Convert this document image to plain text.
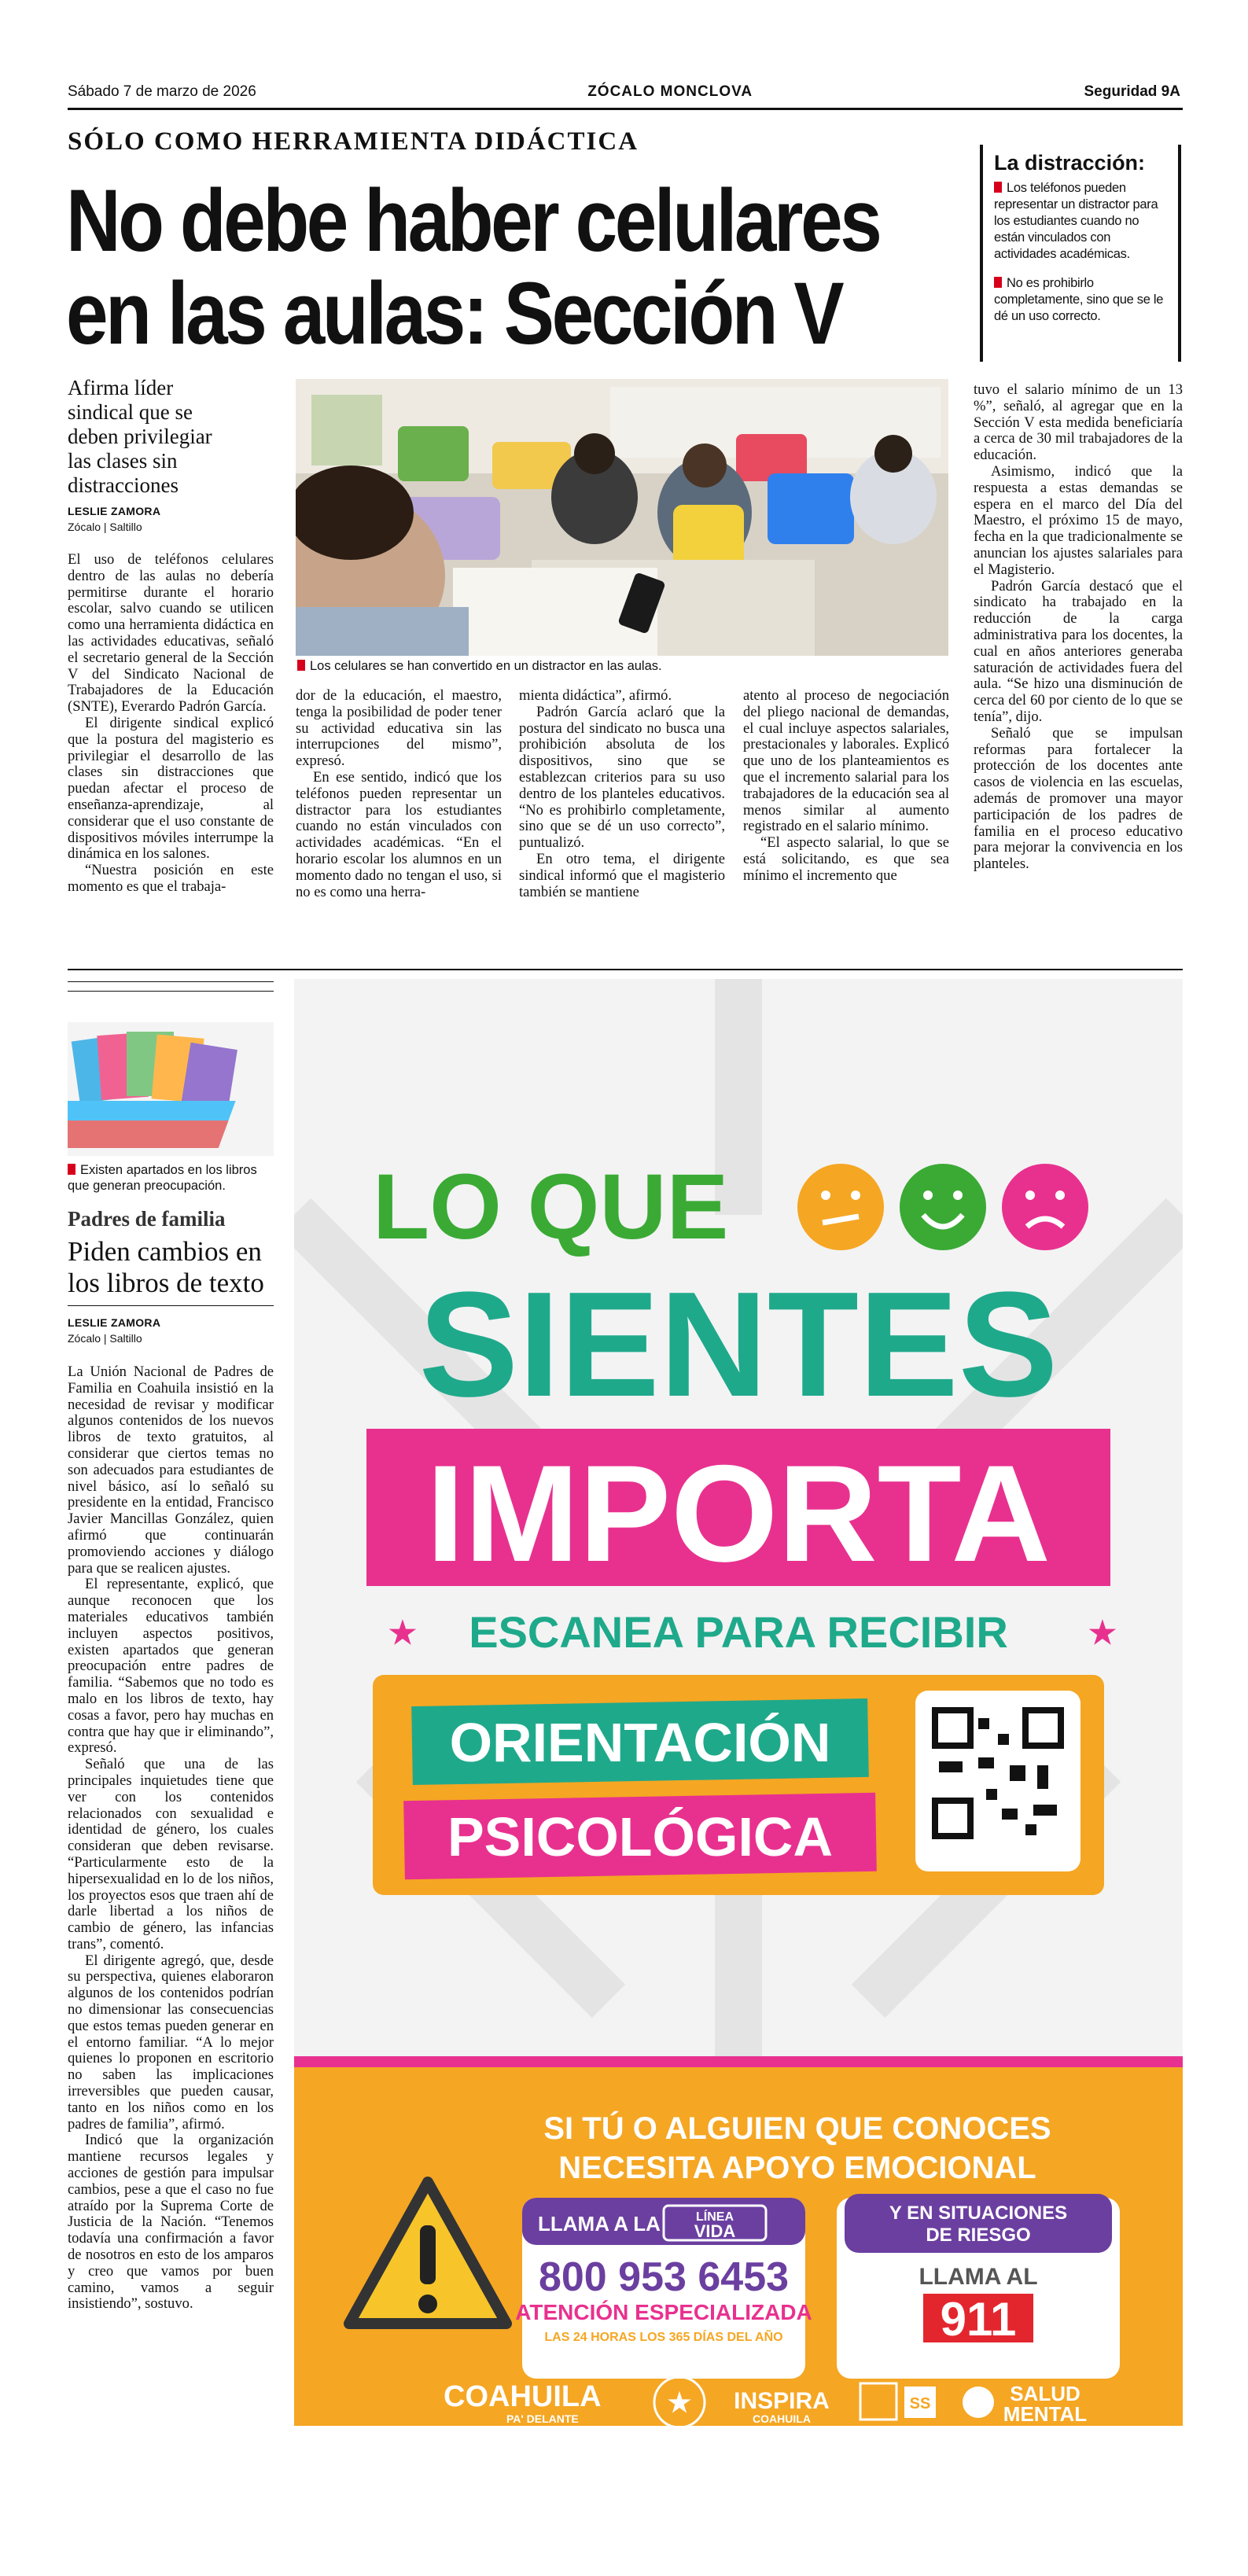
Sábado 7 de marzo de 2026	ZÓCALO MONCLOVA	Seguridad 9A
SÓLO COMO HERRAMIENTA DIDÁCTICA
No debe haber celulares
en las aulas: Sección V
La distracción:
Los teléfonos pueden representar un distractor para los estudiantes cuando no están vinculados con actividades académicas.
No es prohibirlo completamente, sino que se le dé un uso correcto.
Afirma líder sindical que se deben privilegiar las clases sin distracciones
LESLIE ZAMORA
Zócalo | Saltillo
Los celulares se han convertido en un distractor en las aulas.

El uso de teléfonos celulares dentro de las aulas no debería permitirse durante el horario escolar, salvo cuando se utilicen como una herramienta didáctica en las actividades educativas, señaló el secretario general de la Sección V del Sindicato Nacional de Trabajadores de la Educación (SNTE), Everardo Padrón García.

El dirigente sindical explicó que la postura del magisterio es privilegiar el desarrollo de las clases sin distracciones que puedan afectar el proceso de enseñanza-aprendizaje, al considerar que el uso constante de dispositivos móviles interrumpe la dinámica en los salones.

“Nuestra posición en este momento es que el trabaja-

dor de la educación, el maestro, tenga la posibilidad de poder tener su actividad educativa sin las interrupciones del mismo”, expresó.

En ese sentido, indicó que los teléfonos pueden representar un distractor para los estudiantes cuando no están vinculados con actividades académicas. “En el horario escolar los alumnos en un momento dado no tengan el uso, si no es como una herra-

mienta didáctica”, afirmó.

Padrón García aclaró que la postura del sindicato no busca una prohibición absoluta de los dispositivos, sino que se establezcan criterios para su uso dentro de los planteles educativos. “No es prohibirlo completamente, sino que se dé un uso correcto”, puntualizó.

En otro tema, el dirigente sindical informó que el magisterio también se mantiene

atento al proceso de negociación del pliego nacional de demandas, el cual incluye aspectos salariales, prestacionales y laborales. Explicó que uno de los planteamientos es que el incremento salarial para los trabajadores de la educación sea al menos similar al aumento registrado en el salario mínimo.

“El aspecto salarial, lo que se está solicitando, es que sea mínimo el incremento que

tuvo el salario mínimo de un 13 %”, señaló, al agregar que en la Sección V esta medida beneficiaría a cerca de 30 mil trabajadores de la educación.

Asimismo, indicó que la respuesta a estas demandas se espera en el marco del Día del Maestro, el próximo 15 de mayo, fecha en la que tradicionalmente se anuncian los ajustes salariales para el Magisterio.

Padrón García destacó que el sindicato ha trabajado en la reducción de la carga administrativa para los docentes, la cual en años anteriores generaba saturación de actividades fuera del aula. “Se hizo una disminución de cerca del 60 por ciento de lo que se tenía”, dijo.

Señaló que se impulsan reformas para fortalecer la protección de los docentes ante casos de violencia en las escuelas, además de promover una mayor participación de los padres de familia en el proceso educativo para mejorar la convivencia en los planteles.

Existen apartados en los libros que generan preocupación.
Padres de familia
Piden cambios en los libros de texto
LESLIE ZAMORA
Zócalo | Saltillo

La Unión Nacional de Padres de Familia en Coahuila insistió en la necesidad de revisar y modificar algunos contenidos de los nuevos libros de texto gratuitos, al considerar que ciertos temas no son adecuados para estudiantes de nivel básico, así lo señaló su presidente en la entidad, Francisco Javier Mancillas González, quien afirmó que continuarán promoviendo acciones y diálogo para que se realicen ajustes.

El representante, explicó, que aunque reconocen que los materiales educativos también incluyen aspectos positivos, existen apartados que generan preocupación entre padres de familia. “Sabemos que no todo es malo en los libros de texto, hay cosas a favor, pero hay muchas en contra que hay que ir eliminando”, expresó.

Señaló que una de las principales inquietudes tiene que ver con los contenidos relacionados con sexualidad e identidad de género, los cuales consideran que deben revisarse. “Particularmente esto de la hipersexualidad en lo de los niños, los proyectos esos que traen ahí de darle libertad a los niños de cambio de género, las infancias trans”, comentó.

El dirigente agregó, que, desde su perspectiva, quienes elaboraron algunos de los contenidos podrían no dimensionar las consecuencias que estos temas pueden generar en el entorno familiar. “A lo mejor quienes lo proponen en escritorio no saben las implicaciones irreversibles que pueden causar, tanto en los niños como en los padres de familia”, afirmó.

Indicó que la organización mantiene recursos legales y acciones de gestión para impulsar cambios, pese a que el caso no fue atraído por la Suprema Corte de Justicia de la Nación. “Tenemos todavía una confirmación a favor de nosotros en esto de los amparos y creo que vamos por buen camino, vamos a seguir insistiendo”, sostuvo.

LO QUE
SIENTES
IMPORTA
★	★
ESCANEA PARA RECIBIR
ORIENTACIÓN
PSICOLÓGICA
SI TÚ O ALGUIEN QUE CONOCES
NECESITA APOYO EMOCIONAL
LLAMA A LA	LÍNEA
VIDA
800 953 6453
ATENCIÓN ESPECIALIZADA
LAS 24 HORAS LOS 365 DÍAS DEL AÑO
Y EN SITUACIONES
DE RIESGO
LLAMA AL
911
COAHUILA
PA' DELANTE
★ INSPIRA
COAHUILA
SS	SALUD
MENTAL
